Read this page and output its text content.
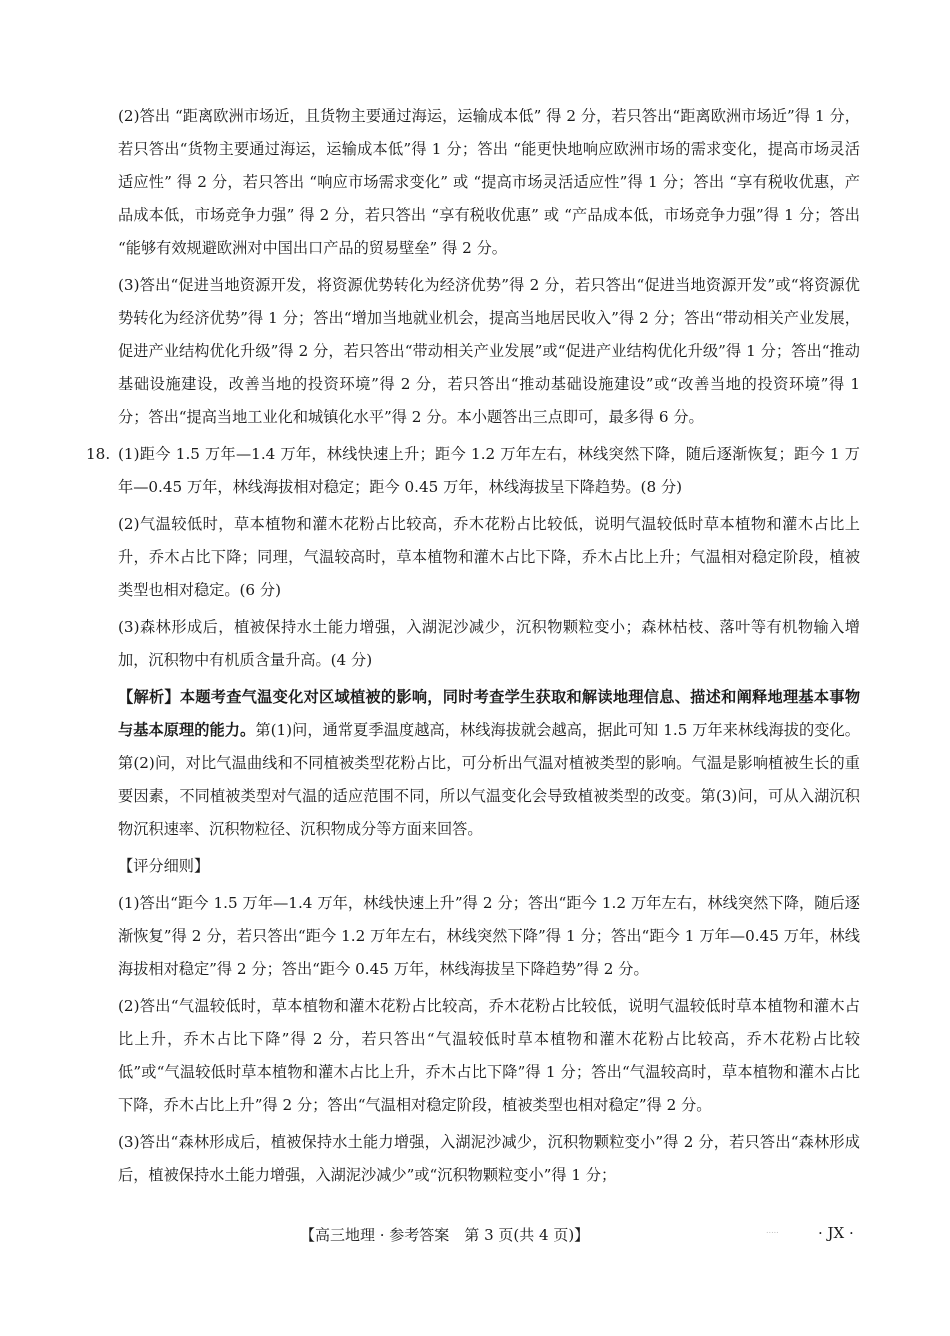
(2)答出 “距离欧洲市场近，且货物主要通过海运，运输成本低” 得 2 分，若只答出“距离欧洲市场近”得 1 分，若只答出“货物主要通过海运，运输成本低”得 1 分；答出 “能更快地响应欧洲市场的需求变化，提高市场灵活适应性” 得 2 分，若只答出 “响应市场需求变化” 或 “提高市场灵活适应性”得 1 分；答出 “享有税收优惠，产品成本低，市场竞争力强” 得 2 分，若只答出 “享有税收优惠” 或 “产品成本低，市场竞争力强”得 1 分；答出 “能够有效规避欧洲对中国出口产品的贸易壁垒” 得 2 分。

(3)答出“促进当地资源开发，将资源优势转化为经济优势”得 2 分，若只答出“促进当地资源开发”或“将资源优势转化为经济优势”得 1 分；答出“增加当地就业机会，提高当地居民收入”得 2 分；答出“带动相关产业发展，促进产业结构优化升级”得 2 分，若只答出“带动相关产业发展”或“促进产业结构优化升级”得 1 分；答出“推动基础设施建设，改善当地的投资环境”得 2 分，若只答出“推动基础设施建设”或“改善当地的投资环境”得 1 分；答出“提高当地工业化和城镇化水平”得 2 分。本小题答出三点即可，最多得 6 分。

18. (1)距今 1.5 万年—1.4 万年，林线快速上升；距今 1.2 万年左右，林线突然下降，随后逐渐恢复；距今 1 万年—0.45 万年，林线海拔相对稳定；距今 0.45 万年，林线海拔呈下降趋势。(8 分)

(2)气温较低时，草本植物和灌木花粉占比较高，乔木花粉占比较低，说明气温较低时草本植物和灌木占比上升，乔木占比下降；同理，气温较高时，草本植物和灌木占比下降，乔木占比上升；气温相对稳定阶段，植被类型也相对稳定。(6 分)

(3)森林形成后，植被保持水土能力增强，入湖泥沙减少，沉积物颗粒变小；森林枯枝、落叶等有机物输入增加，沉积物中有机质含量升高。(4 分)

【解析】本题考查气温变化对区域植被的影响，同时考查学生获取和解读地理信息、描述和阐释地理基本事物与基本原理的能力。第(1)问，通常夏季温度越高，林线海拔就会越高，据此可知 1.5 万年来林线海拔的变化。第(2)问，对比气温曲线和不同植被类型花粉占比，可分析出气温对植被类型的影响。气温是影响植被生长的重要因素，不同植被类型对气温的适应范围不同，所以气温变化会导致植被类型的改变。第(3)问，可从入湖沉积物沉积速率、沉积物粒径、沉积物成分等方面来回答。

【评分细则】

(1)答出“距今 1.5 万年—1.4 万年，林线快速上升”得 2 分；答出“距今 1.2 万年左右，林线突然下降，随后逐渐恢复”得 2 分，若只答出“距今 1.2 万年左右，林线突然下降”得 1 分；答出“距今 1 万年—0.45 万年，林线海拔相对稳定”得 2 分；答出“距今 0.45 万年，林线海拔呈下降趋势”得 2 分。

(2)答出“气温较低时，草本植物和灌木花粉占比较高，乔木花粉占比较低，说明气温较低时草本植物和灌木占比上升，乔木占比下降”得 2 分，若只答出“气温较低时草本植物和灌木花粉占比较高，乔木花粉占比较低”或“气温较低时草本植物和灌木占比上升，乔木占比下降”得 1 分；答出“气温较高时，草本植物和灌木占比下降，乔木占比上升”得 2 分；答出“气温相对稳定阶段，植被类型也相对稳定”得 2 分。

(3)答出“森林形成后，植被保持水土能力增强，入湖泥沙减少，沉积物颗粒变小”得 2 分，若只答出“森林形成后，植被保持水土能力增强，入湖泥沙减少”或“沉积物颗粒变小”得 1 分；

【高三地理 · 参考答案　第 3 页(共 4 页)】	.....	· JX ·
